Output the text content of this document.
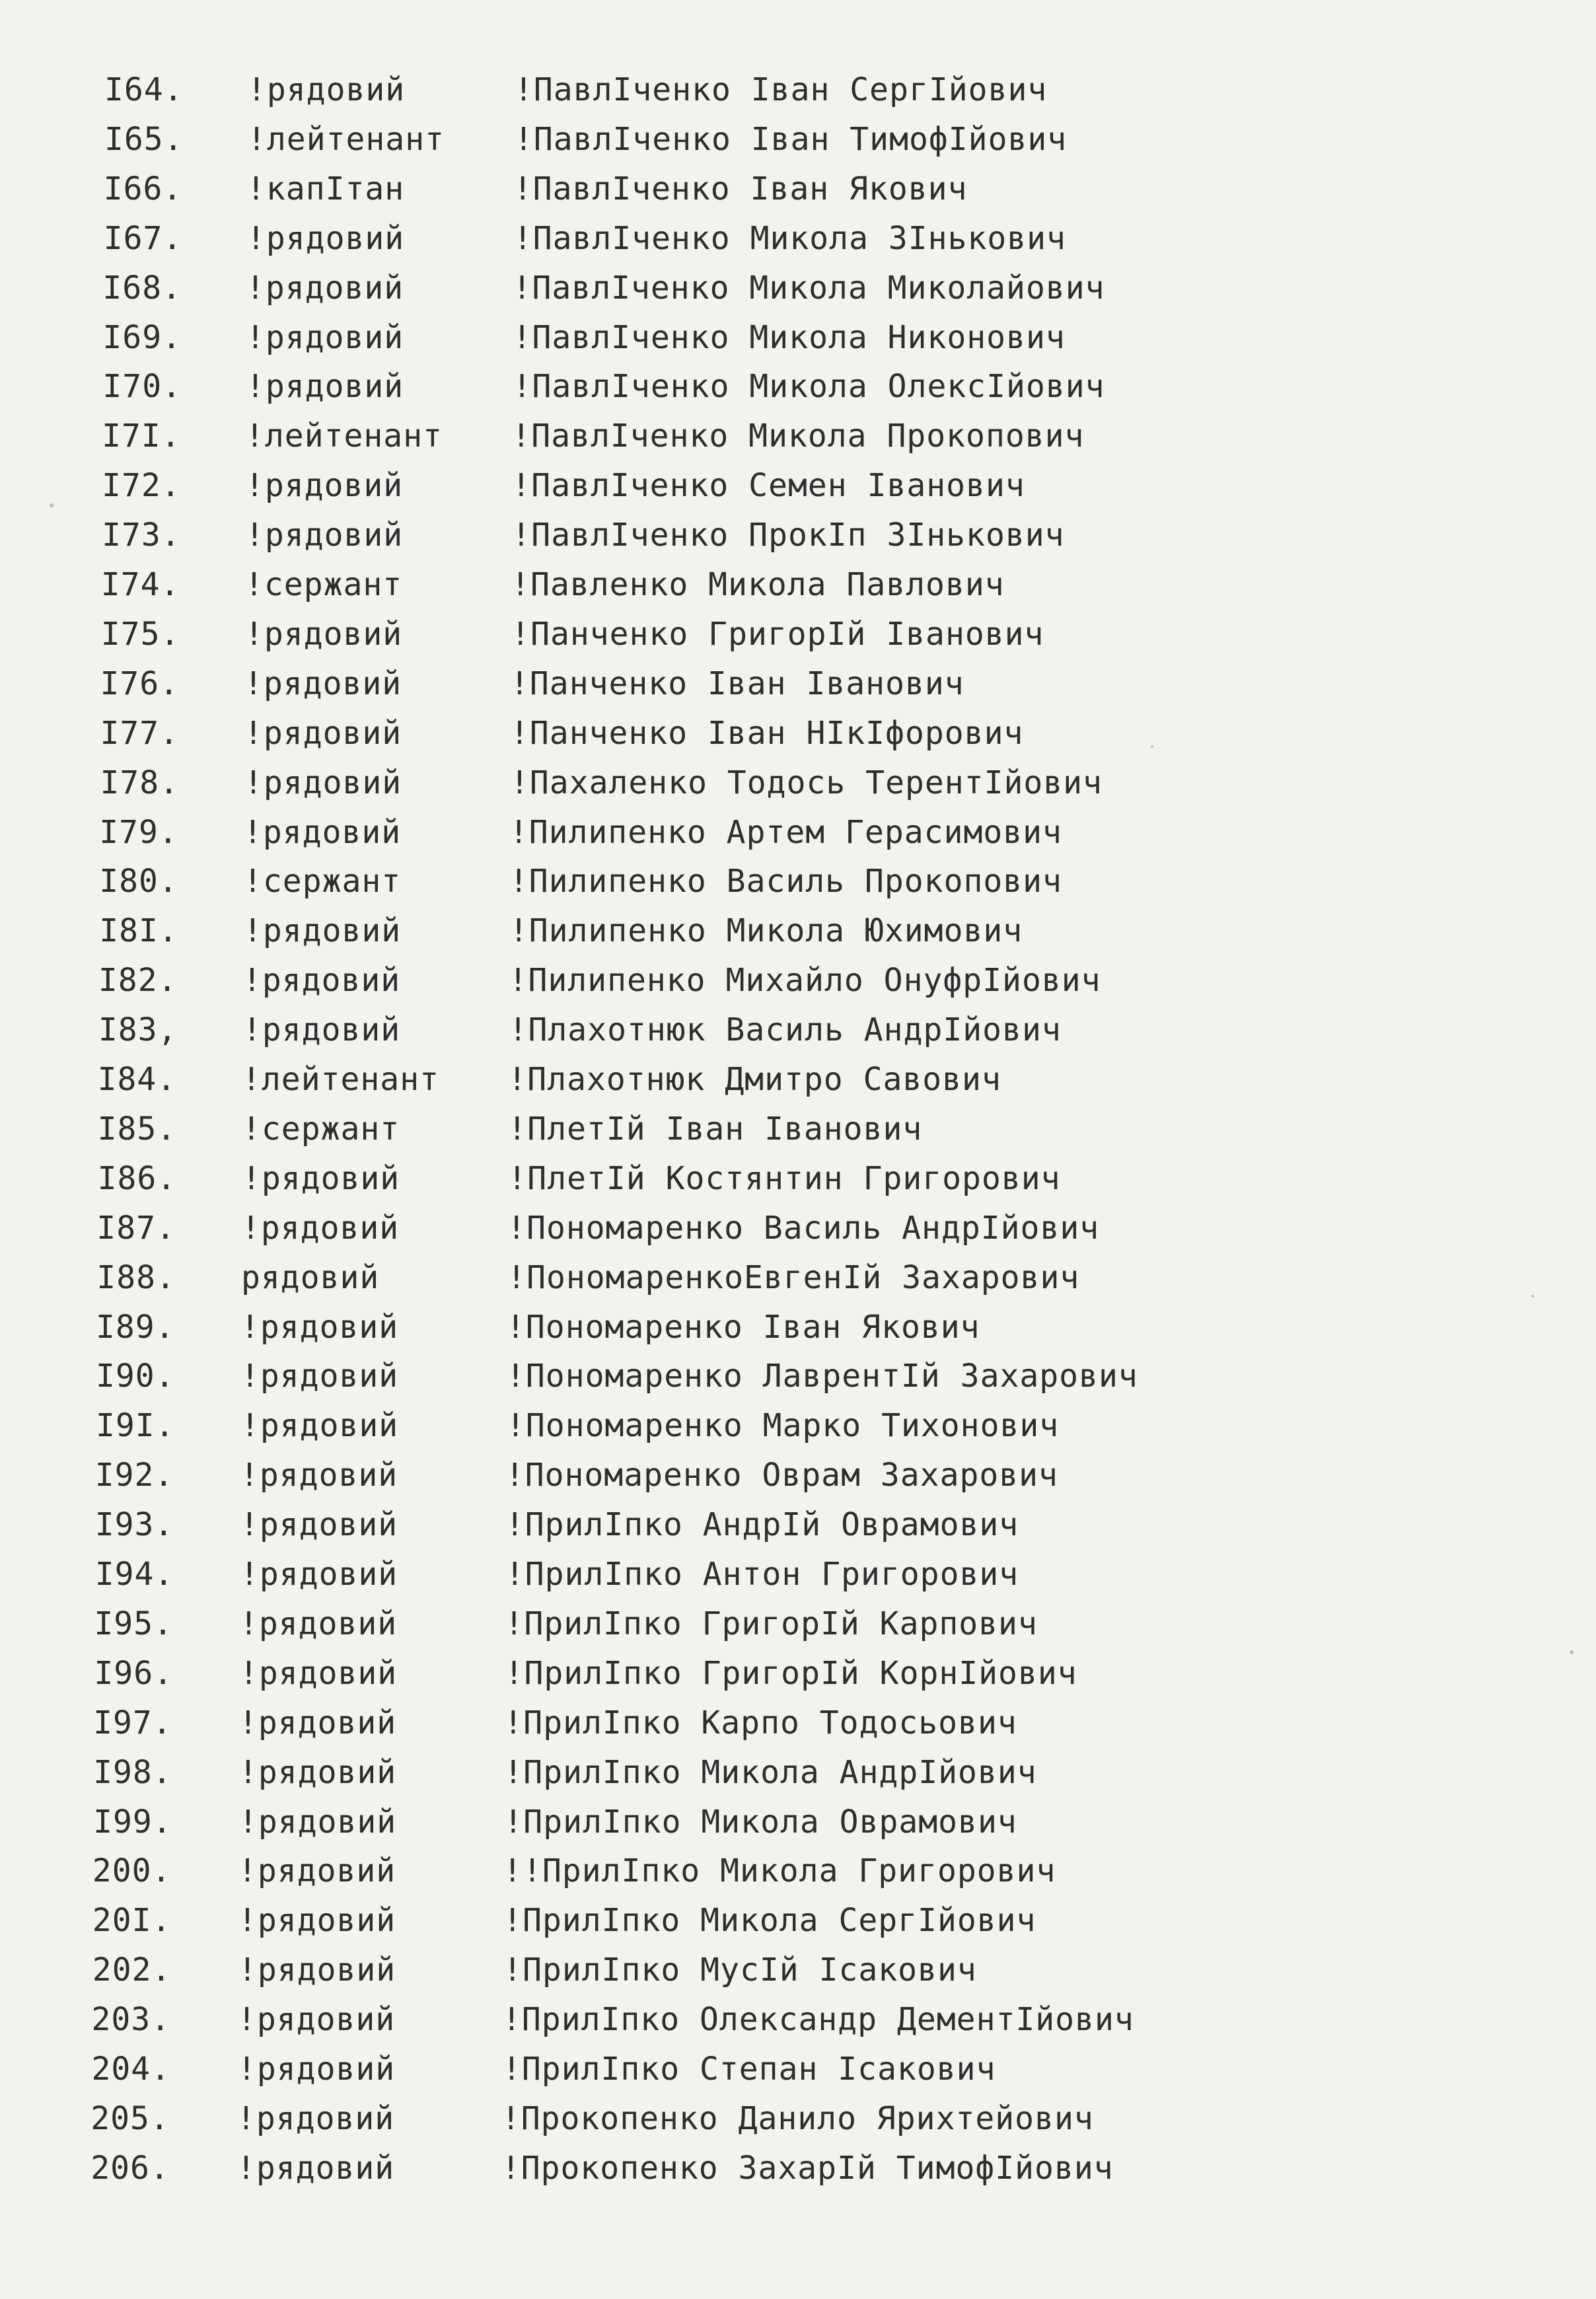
I64. !рядовий	!ПавлІченко Іван СергІйович
I65. !лейтенант !ПавлІченко Іван ТимофІйович
I66. !капІтан	!ПавлІченко Іван Якович
I67. !рядовий	!ПавлІченко Микола ЗІнькович
I68. !рядовий	!ПавлІченко Микола Миколайович
I69. !рядовий	!ПавлІченко Микола Никонович
I70. !рядовий	!ПавлІченко Микола ОлексІйович
I7I. !лейтенант !ПавлІченко Микола Прокопович
I72. !рядовий	!ПавлІченко Семен Іванович
I73. !рядовий	!ПавлІченко ПрокІп ЗІнькович
I74. !сержант	!Павленко Микола Павлович
I75. !рядовий	!Панченко ГригорІй Іванович
I76. !рядовий	!Панченко Іван Іванович
I77. !рядовий	!Панченко Іван НІкІфорович
I78. !рядовий	!Пахаленко Тодось ТерентІйович
I79. !рядовий	!Пилипенко Артем Герасимович
I80. !сержант	!Пилипенко Василь Прокопович
I8I. !рядовий	!Пилипенко Микола Юхимович
I82. !рядовий	!Пилипенко Михайло ОнуфрІйович
I83, !рядовий	!Плахотнюк Василь АндрІйович
I84. !лейтенант !Плахотнюк Дмитро Савович
I85. !сержант	!ПлетІй Іван Іванович
I86. !рядовий	!ПлетІй Костянтин Григорович
I87. !рядовий	!Пономаренко Василь АндрІйович
I88. рядовий	!ПономаренкоЕвгенІй Захарович
I89. !рядовий	!Пономаренко Іван Якович
I90. !рядовий	!Пономаренко ЛаврентІй Захарович
I9I. !рядовий	!Пономаренко Марко Тихонович
I92. !рядовий	!Пономаренко Оврам Захарович
I93. !рядовий	!ПрилІпко АндрІй Оврамович
I94. !рядовий	!ПрилІпко Антон Григорович
I95. !рядовий	!ПрилІпко ГригорІй Карпович
I96. !рядовий	!ПрилІпко ГригорІй КорнІйович
I97. !рядовий	!ПрилІпко Карпо Тодосьович
I98. !рядовий	!ПрилІпко Микола АндрІйович
I99. !рядовий	!ПрилІпко Микола Оврамович
200. !рядовий	!!ПрилІпко Микола Григорович
20I. !рядовий	!ПрилІпко Микола СергІйович
202. !рядовий	!ПрилІпко МусІй Ісакович
203. !рядовий	!ПрилІпко Олександр ДементІйович
204. !рядовий	!ПрилІпко Степан Ісакович
205. !рядовий	!Прокопенко Данило Ярихтейович
206. !рядовий	!Прокопенко ЗахарІй ТимофІйович
